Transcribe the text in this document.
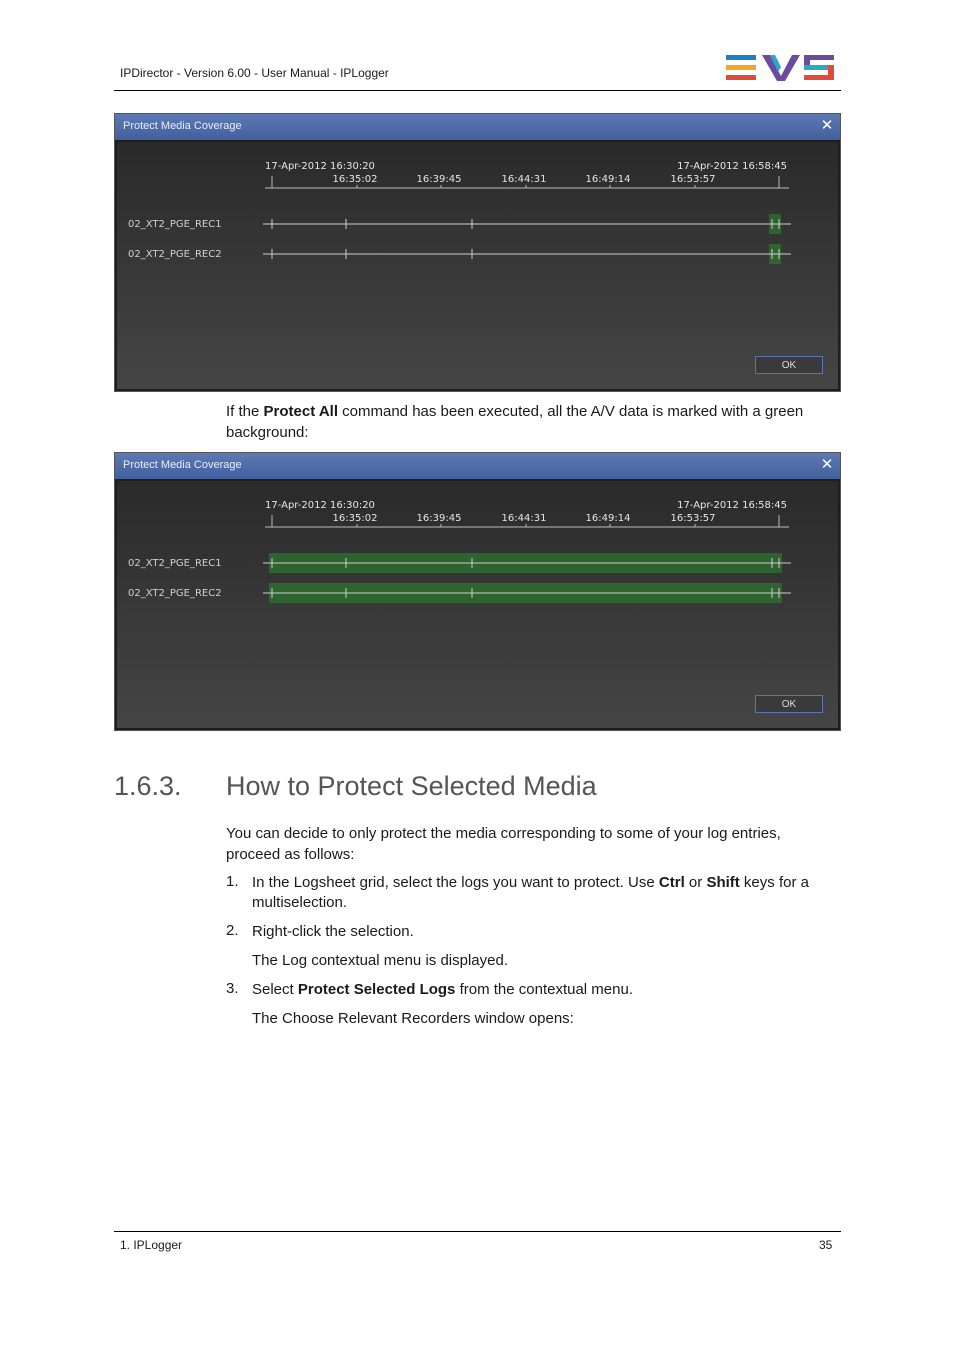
IPDirector - Version 6.00 - User Manual - IPLogger
Protect Media Coverage	✕
17-Apr-2012 16:30:20	17-Apr-2012 16:58:45
16:35:02	16:39:45	16:44:31	16:49:14	16:53:57
02_XT2_PGE_REC1
02_XT2_PGE_REC2
OK

If the Protect All command has been executed, all the A/V data is marked with a green background:

Protect Media Coverage	✕
17-Apr-2012 16:30:20	17-Apr-2012 16:58:45
16:35:02	16:39:45	16:44:31	16:49:14	16:53:57
02_XT2_PGE_REC1
02_XT2_PGE_REC2
OK
1.6.3. How to Protect Selected Media

You can decide to only protect the media corresponding to some of your log entries, proceed as follows:

1. In the Logsheet grid, select the logs you want to protect. Use Ctrl or Shift keys for a multiselection.
2. Right-click the selection.
The Log contextual menu is displayed.
3. Select Protect Selected Logs from the contextual menu.
The Choose Relevant Recorders window opens:
1. IPLogger	35
